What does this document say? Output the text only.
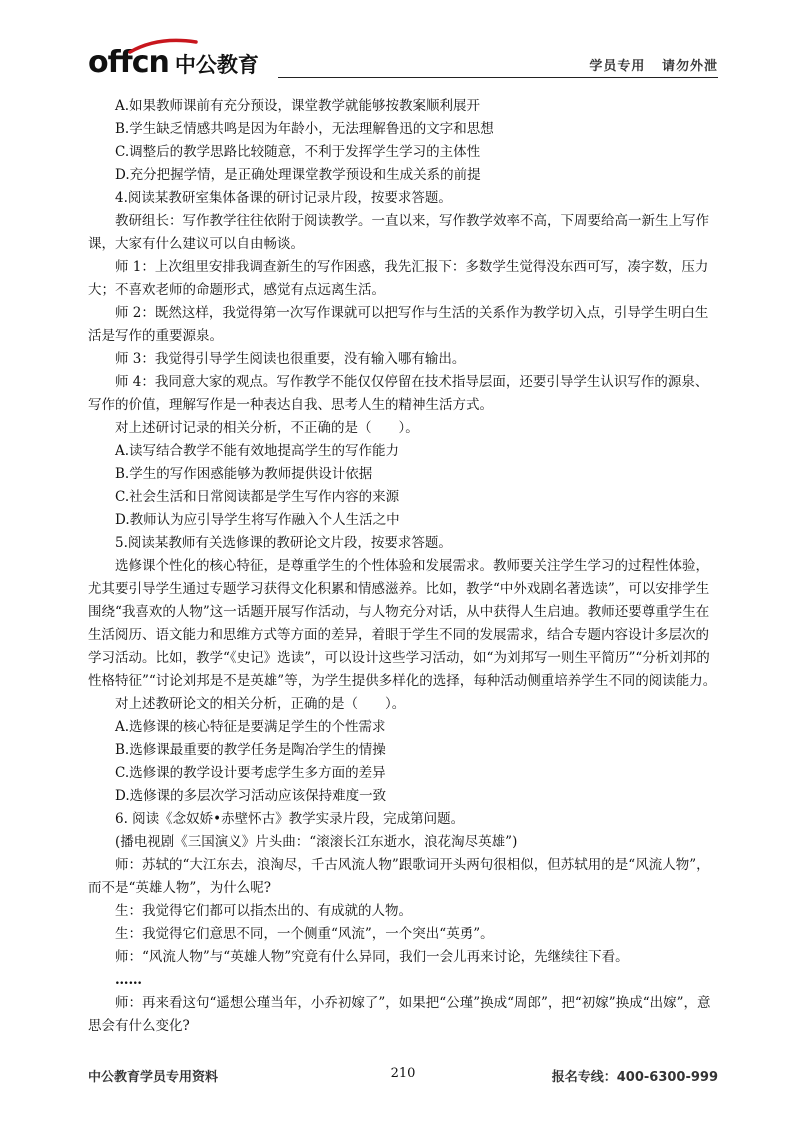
offcn 中公教育	学员专用   请勿外泄

A.如果教师课前有充分预设，课堂教学就能够按教案顺利展开

B.学生缺乏情感共鸣是因为年龄小，无法理解鲁迅的文字和思想

C.调整后的教学思路比较随意，不利于发挥学生学习的主体性

D.充分把握学情，是正确处理课堂教学预设和生成关系的前提

4.阅读某教研室集体备课的研讨记录片段，按要求答题。

教研组长：写作教学往往依附于阅读教学。一直以来，写作教学效率不高，下周要给高一新生上写作课，大家有什么建议可以自由畅谈。

师 1：上次组里安排我调查新生的写作困惑，我先汇报下：多数学生觉得没东西可写，凑字数，压力大；不喜欢老师的命题形式，感觉有点远离生活。

师 2：既然这样，我觉得第一次写作课就可以把写作与生活的关系作为教学切入点，引导学生明白生活是写作的重要源泉。

师 3：我觉得引导学生阅读也很重要，没有输入哪有输出。

师 4：我同意大家的观点。写作教学不能仅仅停留在技术指导层面，还要引导学生认识写作的源泉、写作的价值，理解写作是一种表达自我、思考人生的精神生活方式。

对上述研讨记录的相关分析，不正确的是（　　）。

A.读写结合教学不能有效地提高学生的写作能力

B.学生的写作困惑能够为教师提供设计依据

C.社会生活和日常阅读都是学生写作内容的来源

D.教师认为应引导学生将写作融入个人生活之中

5.阅读某教师有关选修课的教研论文片段，按要求答题。

选修课个性化的核心特征，是尊重学生的个性体验和发展需求。教师要关注学生学习的过程性体验，尤其要引导学生通过专题学习获得文化积累和情感滋养。比如，教学“中外戏剧名著选读”，可以安排学生围绕“我喜欢的人物”这一话题开展写作活动，与人物充分对话，从中获得人生启迪。教师还要尊重学生在生活阅历、语文能力和思维方式等方面的差异，着眼于学生不同的发展需求，结合专题内容设计多层次的学习活动。比如，教学“《史记》选读”，可以设计这些学习活动，如“为刘邦写一则生平简历”“分析刘邦的性格特征”“讨论刘邦是不是英雄”等，为学生提供多样化的选择，每种活动侧重培养学生不同的阅读能力。

对上述教研论文的相关分析，正确的是（　　）。

A.选修课的核心特征是要满足学生的个性需求

B.选修课最重要的教学任务是陶冶学生的情操

C.选修课的教学设计要考虑学生多方面的差异

D.选修课的多层次学习活动应该保持难度一致

6. 阅读《念奴娇•赤壁怀古》教学实录片段，完成第问题。

(播电视剧《三国演义》片头曲：“滚滚长江东逝水，浪花淘尽英雄”)

师：苏轼的“大江东去，浪淘尽，千古风流人物”跟歌词开头两句很相似，但苏轼用的是“风流人物”，而不是“英雄人物”，为什么呢?

生：我觉得它们都可以指杰出的、有成就的人物。

生：我觉得它们意思不同，一个侧重“风流”，一个突出“英勇”。

师：“风流人物”与“英雄人物”究竟有什么异同，我们一会儿再来讨论，先继续往下看。

……

师：再来看这句“遥想公瑾当年，小乔初嫁了”，如果把“公瑾”换成“周郎”，把“初嫁”换成“出嫁”，意思会有什么变化?

中公教育学员专用资料	210	报名专线：400-6300-999
